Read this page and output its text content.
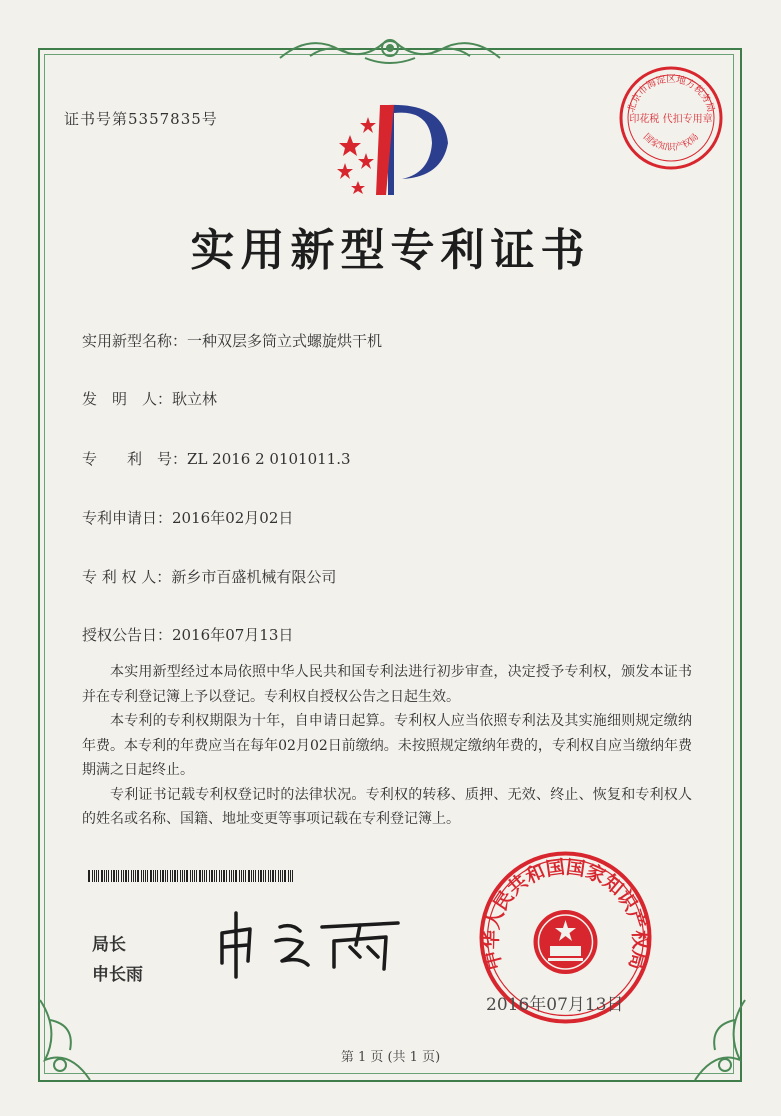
证书号第5357835号
北京市海淀区地方税务局
国家知识产权局
印花税 代扣专用章
实用新型专利证书
实用新型名称：一种双层多筒立式螺旋烘干机
发　明　人：耿立林
专　　利　号：ZL 2016 2 0101011.3
专利申请日：2016年02月02日
专 利 权 人：新乡市百盛机械有限公司
授权公告日：2016年07月13日

本实用新型经过本局依照中华人民共和国专利法进行初步审查，决定授予专利权，颁发本证书并在专利登记簿上予以登记。专利权自授权公告之日起生效。

本专利的专利权期限为十年，自申请日起算。专利权人应当依照专利法及其实施细则规定缴纳年费。本专利的年费应当在每年02月02日前缴纳。未按照规定缴纳年费的，专利权自应当缴纳年费期满之日起终止。

专利证书记载专利权登记时的法律状况。专利权的转移、质押、无效、终止、恢复和专利权人的姓名或名称、国籍、地址变更等事项记载在专利登记簿上。

局长
申长雨
中华人民共和国国家知识产权局
2016年07月13日
第 1 页 (共 1 页)
